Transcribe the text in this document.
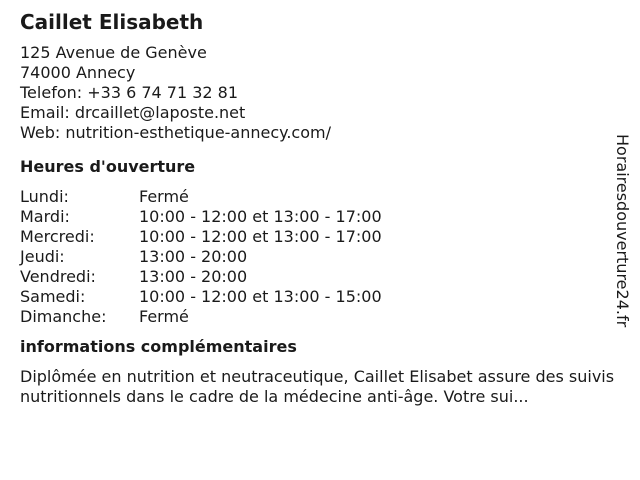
Caillet Elisabeth
125 Avenue de Genève
74000 Annecy
Telefon: +33 6 74 71 32 81
Email: drcaillet@laposte.net
Web: nutrition-esthetique-annecy.com/
Heures d'ouverture
Lundi:	Fermé
Mardi:	10:00 - 12:00 et 13:00 - 17:00
Mercredi:	10:00 - 12:00 et 13:00 - 17:00
Jeudi:	13:00 - 20:00
Vendredi:	13:00 - 20:00
Samedi:	10:00 - 12:00 et 13:00 - 15:00
Dimanche:	Fermé
informations complémentaires
Diplômée en nutrition et neutraceutique, Caillet Elisabet assure des suivis nutritionnels dans le cadre de la médecine anti-âge. Votre sui...
Horairesdouverture24.fr
